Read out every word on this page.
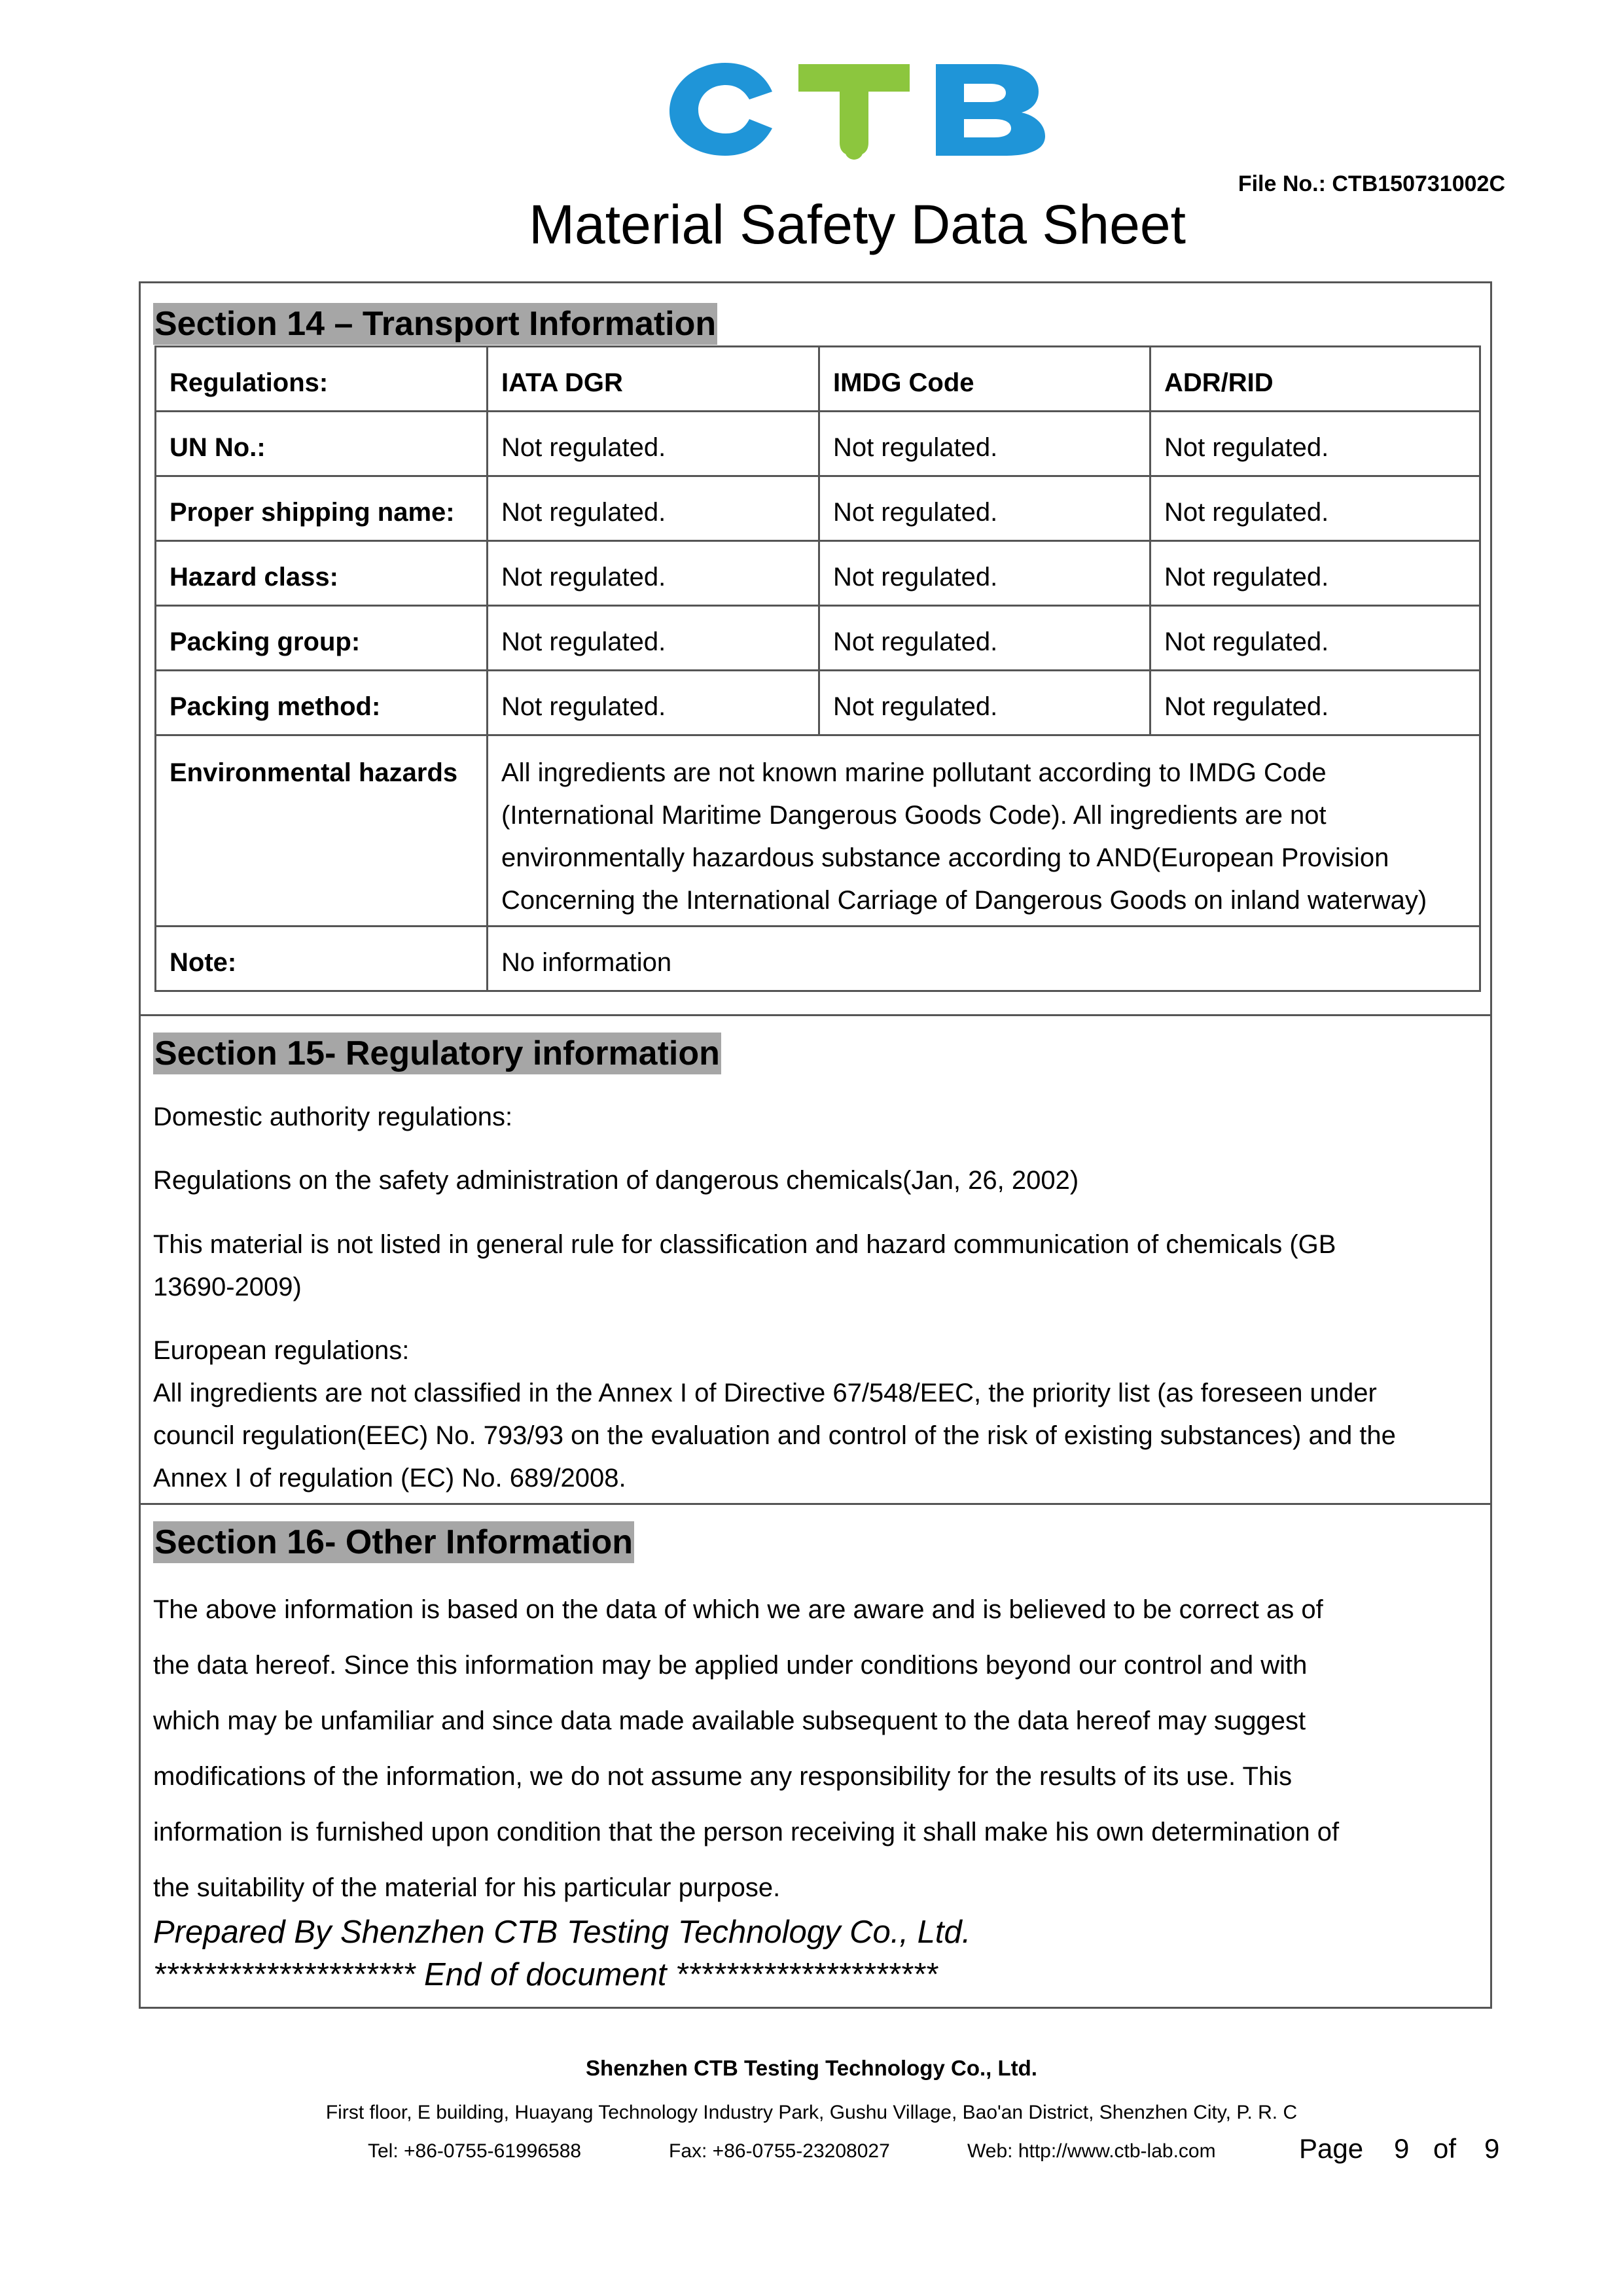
File No.: CTB150731002C
Material Safety Data Sheet
Section 14 – Transport Information
Regulations:	IATA DGR	IMDG Code	ADR/RID
UN No.:	Not regulated.	Not regulated.	Not regulated.
Proper shipping name:	Not regulated.	Not regulated.	Not regulated.
Hazard class:	Not regulated.	Not regulated.	Not regulated.
Packing group:	Not regulated.	Not regulated.	Not regulated.
Packing method:	Not regulated.	Not regulated.	Not regulated.
Environmental hazards	All ingredients are not known marine pollutant according to IMDG Code
(International Maritime Dangerous Goods Code). All ingredients are not
environmentally hazardous substance according to AND(European Provision
Concerning the International Carriage of Dangerous Goods on inland waterway)		

Note:	No information		
Section 15- Regulatory information
Domestic authority regulations:
Regulations on the safety administration of dangerous chemicals(Jan, 26, 2002)
This material is not listed in general rule for classification and hazard communication of chemicals (GB
13690-2009)
European regulations:
All ingredients are not classified in the Annex I of Directive 67/548/EEC, the priority list (as foreseen under
council regulation(EEC) No. 793/93 on the evaluation and control of the risk of existing substances) and the
Annex I of regulation (EC) No. 689/2008.
Section 16- Other Information
The above information is based on the data of which we are aware and is believed to be correct as of
the data hereof. Since this information may be applied under conditions beyond our control and with
which may be unfamiliar and since data made available subsequent to the data hereof may suggest
modifications of the information, we do not assume any responsibility for the results of its use. This
information is furnished upon condition that the person receiving it shall make his own determination of
the suitability of the material for his particular purpose.
Prepared By Shenzhen CTB Testing Technology Co., Ltd.
********************* End of document *********************
Shenzhen CTB Testing Technology Co., Ltd.
First floor, E building, Huayang Technology Industry Park, Gushu Village, Bao'an District, Shenzhen City, P. R. C
Tel: +86-0755-61996588	Fax: +86-0755-23208027	Web: http://www.ctb-lab.com	Page 9 of 9
